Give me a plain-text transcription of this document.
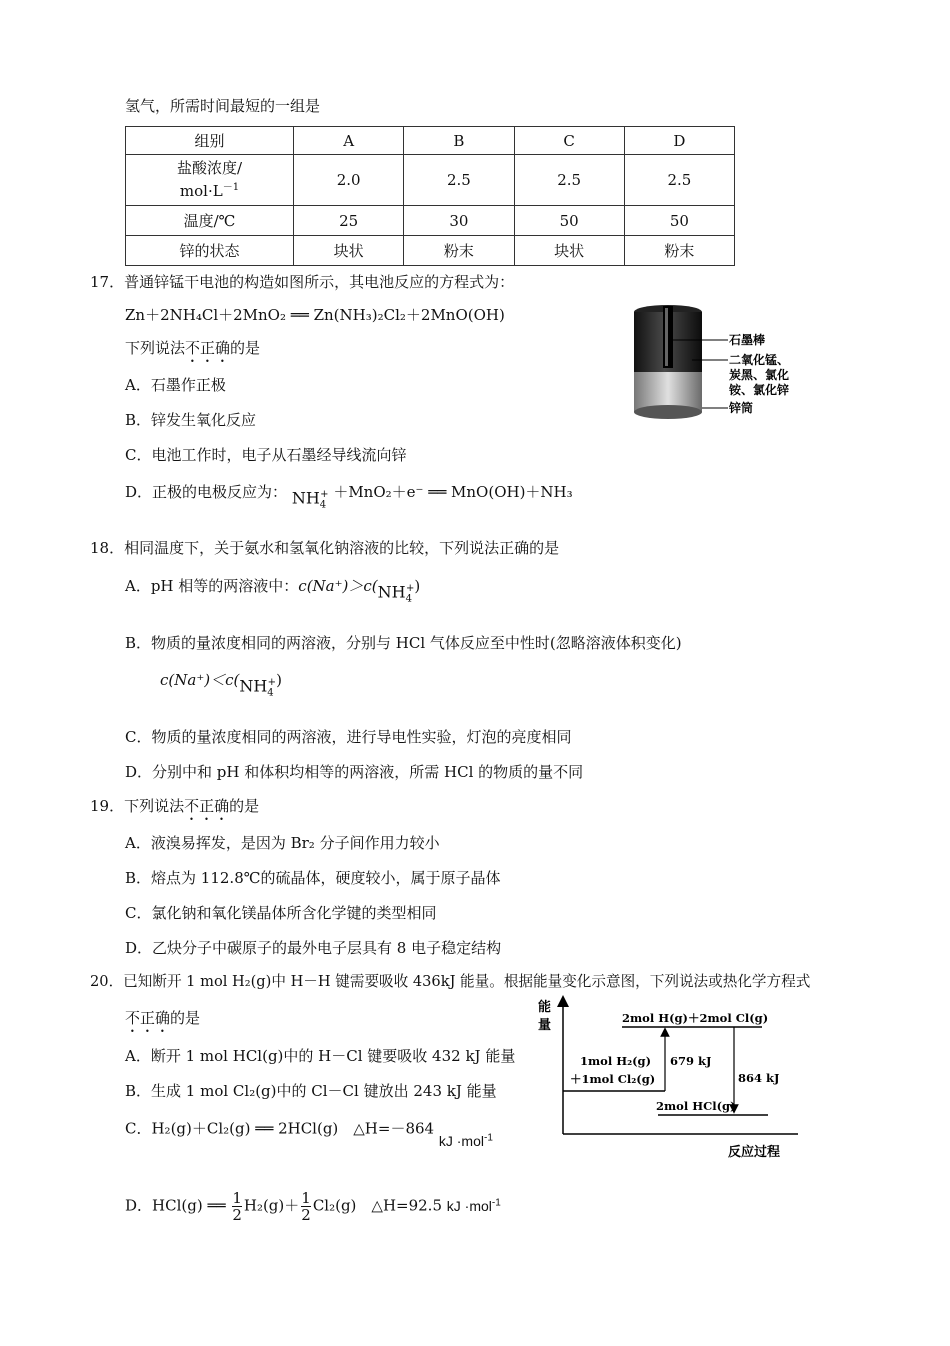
氢气，所需时间最短的一组是
组别	A	B	C	D
盐酸浓度/
$mol\cdot L^{-1}$	2.0	2.5	2.5	2.5
温度/℃	25	30	50	50
锌的状态	块状	粉末	块状	粉末
17．普通锌锰干电池的构造如图所示，其电池反应的方程式为：
Zn＋2NH₄Cl＋2MnO₂ ══ Zn(NH₃)₂Cl₂＋2MnO(OH)
下列说法不正确的是
A．石墨作正极
B．锌发生氧化反应
C．电池工作时，电子从石墨经导线流向锌
D．正极的电极反应为： $NH_4^+ +MnO_2+e^-$ ══ MnO(OH)＋NH₃
石墨棒
二氧化锰、
炭黑、氯化
铵、氯化锌
锌筒
18．相同温度下，关于氨水和氢氧化钠溶液的比较，下列说法正确的是
A．pH 相等的两溶液中：$c(Na^+)>c(NH_4^+)$
B．物质的量浓度相同的两溶液，分别与 HCl 气体反应至中性时(忽略溶液体积变化)
$c(Na^+)<c(NH_4^+)$
C．物质的量浓度相同的两溶液，进行导电性实验，灯泡的亮度相同
D．分别中和 pH 和体积均相等的两溶液，所需 HCl 的物质的量不同
19．下列说法不正确的是
A．液溴易挥发，是因为 Br₂ 分子间作用力较小
B．熔点为 112.8℃的硫晶体，硬度较小，属于原子晶体
C．氯化钠和氧化镁晶体所含化学键的类型相同
D．乙炔分子中碳原子的最外电子层具有 8 电子稳定结构
20．已知断开 1 mol H₂(g)中 H－H 键需要吸收 436kJ 能量。根据能量变化示意图，下列说法或热化学方程式
不正确的是
A．断开 1 mol HCl(g)中的 H－Cl 键要吸收 432 kJ 能量
B．生成 1 mol Cl₂(g)中的 Cl－Cl 键放出 243 kJ 能量
C．H₂(g)＋Cl₂(g) ══ 2HCl(g)　△H=－864 kJ ·mol$^{-1}$
D．HCl(g) ══ $\frac{1}{2} H_2(g)+ \frac{1}{2} Cl_2(g)$　△H=92.5 kJ ·mol$^{-1}$
能
量
反应过程
2mol H(g)＋2mol Cl(g)
1mol H₂(g)
＋1mol Cl₂(g)
2mol HCl(g)
679 kJ
864 kJ
